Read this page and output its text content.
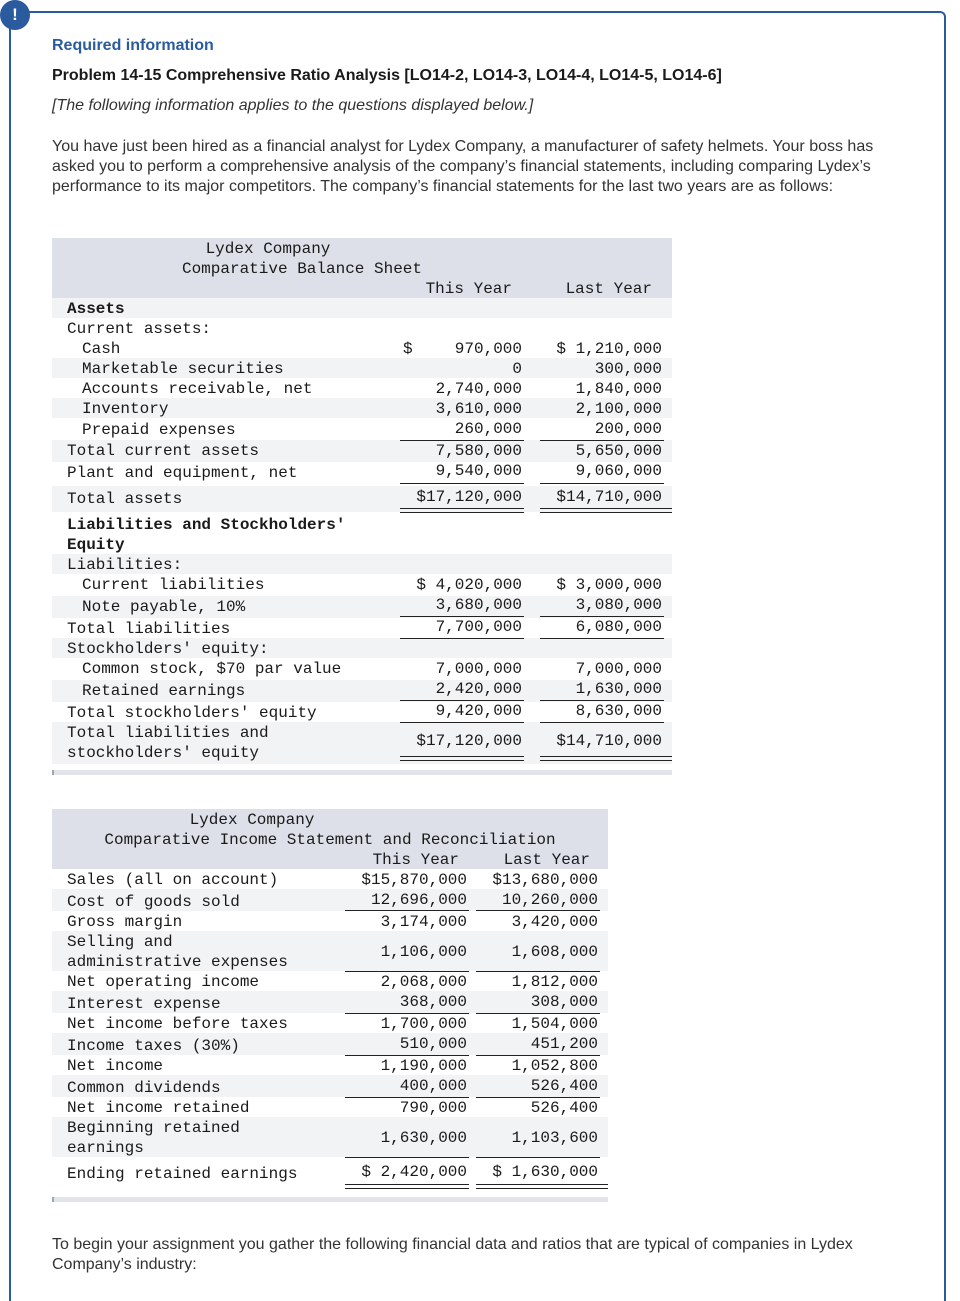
!
Required information
Problem 14-15 Comprehensive Ratio Analysis [LO14-2, LO14-3, LO14-4, LO14-5, LO14-6]
[The following information applies to the questions displayed below.]
You have just been hired as a financial analyst for Lydex Company, a manufacturer of safety helmets. Your boss has asked you to perform a comprehensive analysis of the company’s financial statements, including comparing Lydex’s performance to its major competitors. The company’s financial statements for the last two years are as follows:
Lydex Company
Comparative Balance Sheet
This Year	Last Year
Assets
Current assets:
Cash	$	970,000	$ 1,210,000
Marketable securities	0	300,000
Accounts receivable, net	2,740,000	1,840,000
Inventory	3,610,000	2,100,000
Prepaid expenses	260,000	200,000
Total current assets	7,580,000	5,650,000
Plant and equipment, net	9,540,000	9,060,000
Total assets	$17,120,000	$14,710,000
Liabilities and Stockholders'
Equity
Liabilities:
Current liabilities	$ 4,020,000	$ 3,000,000
Note payable, 10%	3,680,000	3,080,000
Total liabilities	7,700,000	6,080,000
Stockholders' equity:
Common stock, $70 par value	7,000,000	7,000,000
Retained earnings	2,420,000	1,630,000
Total stockholders' equity	9,420,000	8,630,000
Total liabilities and
stockholders' equity
$17,120,000	$14,710,000
Lydex Company
Comparative Income Statement and Reconciliation
This Year	Last Year
Sales (all on account)	$15,870,000	$13,680,000
Cost of goods sold	12,696,000	10,260,000
Gross margin	3,174,000	3,420,000
Selling and
administrative expenses
1,106,000	1,608,000
Net operating income	2,068,000	1,812,000
Interest expense	368,000	308,000
Net income before taxes	1,700,000	1,504,000
Income taxes (30%)	510,000	451,200
Net income	1,190,000	1,052,800
Common dividends	400,000	526,400
Net income retained	790,000	526,400
Beginning retained
earnings
1,630,000	1,103,600
Ending retained earnings	$ 2,420,000	$ 1,630,000
To begin your assignment you gather the following financial data and ratios that are typical of companies in Lydex Company’s industry:
